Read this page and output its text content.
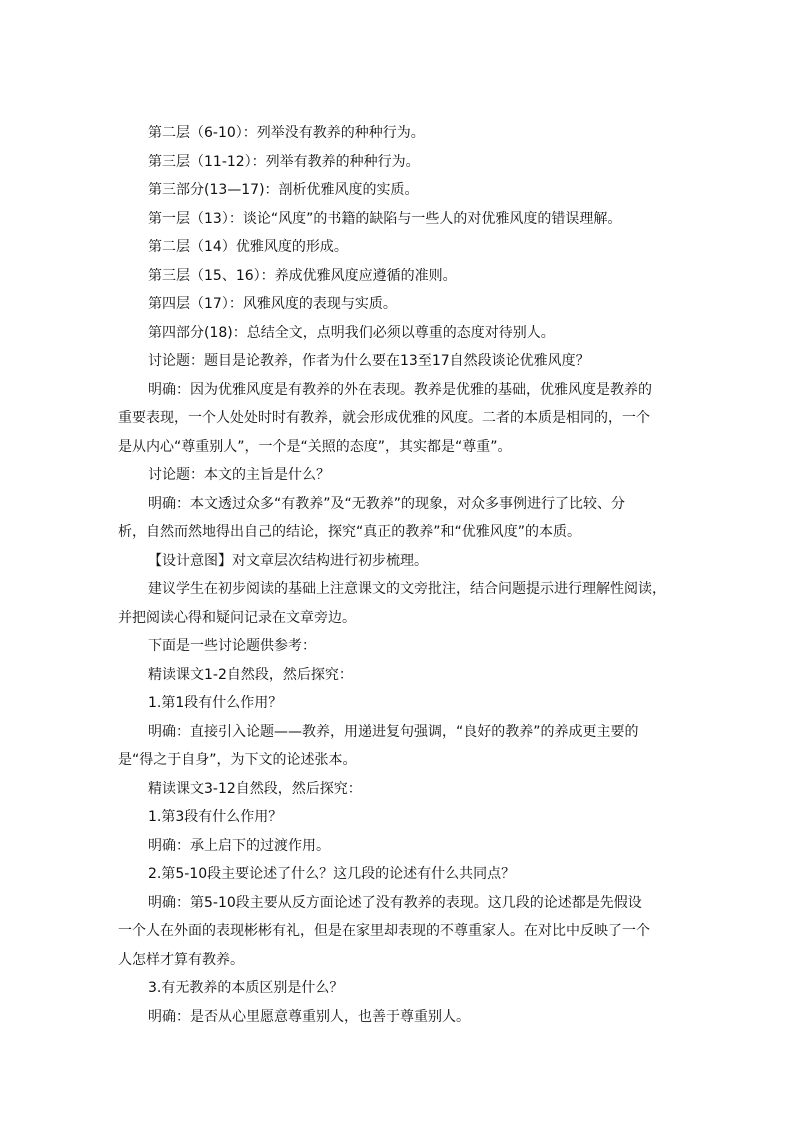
第二层（6-10）：列举没有教养的种种行为。
第三层（11-12）：列举有教养的种种行为。
第三部分(13—17)：剖析优雅风度的实质。
第一层（13）：谈论“风度”的书籍的缺陷与一些人的对优雅风度的错误理解。
第二层（14）优雅风度的形成。
第三层（15、16）：养成优雅风度应遵循的准则。
第四层（17）：风雅风度的表现与实质。
第四部分(18)：总结全文，点明我们必须以尊重的态度对待别人。
讨论题：题目是论教养，作者为什么要在13至17自然段谈论优雅风度？
明确：因为优雅风度是有教养的外在表现。教养是优雅的基础，优雅风度是教养的
重要表现，一个人处处时时有教养，就会形成优雅的风度。二者的本质是相同的，一个
是从内心“尊重别人”，一个是“关照的态度”，其实都是“尊重”。
讨论题：本文的主旨是什么？
明确：本文透过众多“有教养”及“无教养”的现象，对众多事例进行了比较、分
析，自然而然地得出自己的结论，探究“真正的教养”和“优雅风度”的本质。
【设计意图】对文章层次结构进行初步梳理。
建议学生在初步阅读的基础上注意课文的文旁批注，结合问题提示进行理解性阅读，
并把阅读心得和疑问记录在文章旁边。
下面是一些讨论题供参考：
精读课文1-2自然段，然后探究：
1.第1段有什么作用？
明确：直接引入论题——教养，用递进复句强调，“良好的教养”的养成更主要的
是“得之于自身”，为下文的论述张本。
精读课文3-12自然段，然后探究：
1.第3段有什么作用？
明确：承上启下的过渡作用。
2.第5-10段主要论述了什么？这几段的论述有什么共同点？
明确：第5-10段主要从反方面论述了没有教养的表现。这几段的论述都是先假设
一个人在外面的表现彬彬有礼，但是在家里却表现的不尊重家人。在对比中反映了一个
人怎样才算有教养。
3.有无教养的本质区别是什么？
明确：是否从心里愿意尊重别人，也善于尊重别人。
